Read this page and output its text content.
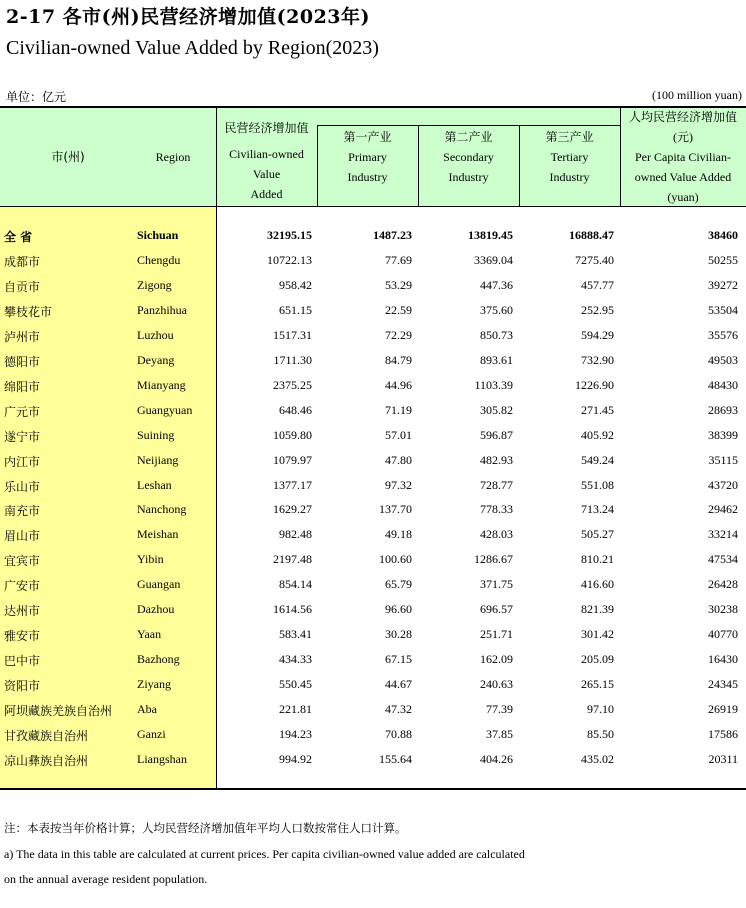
2-17 各市(州)民营经济增加值(2023年)
Civilian-owned Value Added by Region(2023)
单位：亿元	(100 million yuan)
市(州)	Region
民营经济增加值
Civilian-owned
Value
Added
第一产业
Primary
Industry
第二产业
Secondary
Industry
第三产业
Tertiary
Industry
人均民营经济增加值
(元)
Per Capita Civilian-
owned Value Added
(yuan)
全 省	Sichuan	32195.15	1487.23	13819.45	16888.47	38460
成都市	Chengdu	10722.13	77.69	3369.04	7275.40	50255
自贡市	Zigong	958.42	53.29	447.36	457.77	39272
攀枝花市	Panzhihua	651.15	22.59	375.60	252.95	53504
泸州市	Luzhou	1517.31	72.29	850.73	594.29	35576
德阳市	Deyang	1711.30	84.79	893.61	732.90	49503
绵阳市	Mianyang	2375.25	44.96	1103.39	1226.90	48430
广元市	Guangyuan	648.46	71.19	305.82	271.45	28693
遂宁市	Suining	1059.80	57.01	596.87	405.92	38399
内江市	Neijiang	1079.97	47.80	482.93	549.24	35115
乐山市	Leshan	1377.17	97.32	728.77	551.08	43720
南充市	Nanchong	1629.27	137.70	778.33	713.24	29462
眉山市	Meishan	982.48	49.18	428.03	505.27	33214
宜宾市	Yibin	2197.48	100.60	1286.67	810.21	47534
广安市	Guangan	854.14	65.79	371.75	416.60	26428
达州市	Dazhou	1614.56	96.60	696.57	821.39	30238
雅安市	Yaan	583.41	30.28	251.71	301.42	40770
巴中市	Bazhong	434.33	67.15	162.09	205.09	16430
资阳市	Ziyang	550.45	44.67	240.63	265.15	24345
阿坝藏族羌族自治州 Aba	221.81	47.32	77.39	97.10	26919
甘孜藏族自治州	Ganzi	194.23	70.88	37.85	85.50	17586
凉山彝族自治州	Liangshan	994.92	155.64	404.26	435.02	20311
注：本表按当年价格计算；人均民营经济增加值年平均人口数按常住人口计算。
a) The data in this table are calculated at current prices. Per capita civilian-owned value added are calculated
on the annual average resident population.
